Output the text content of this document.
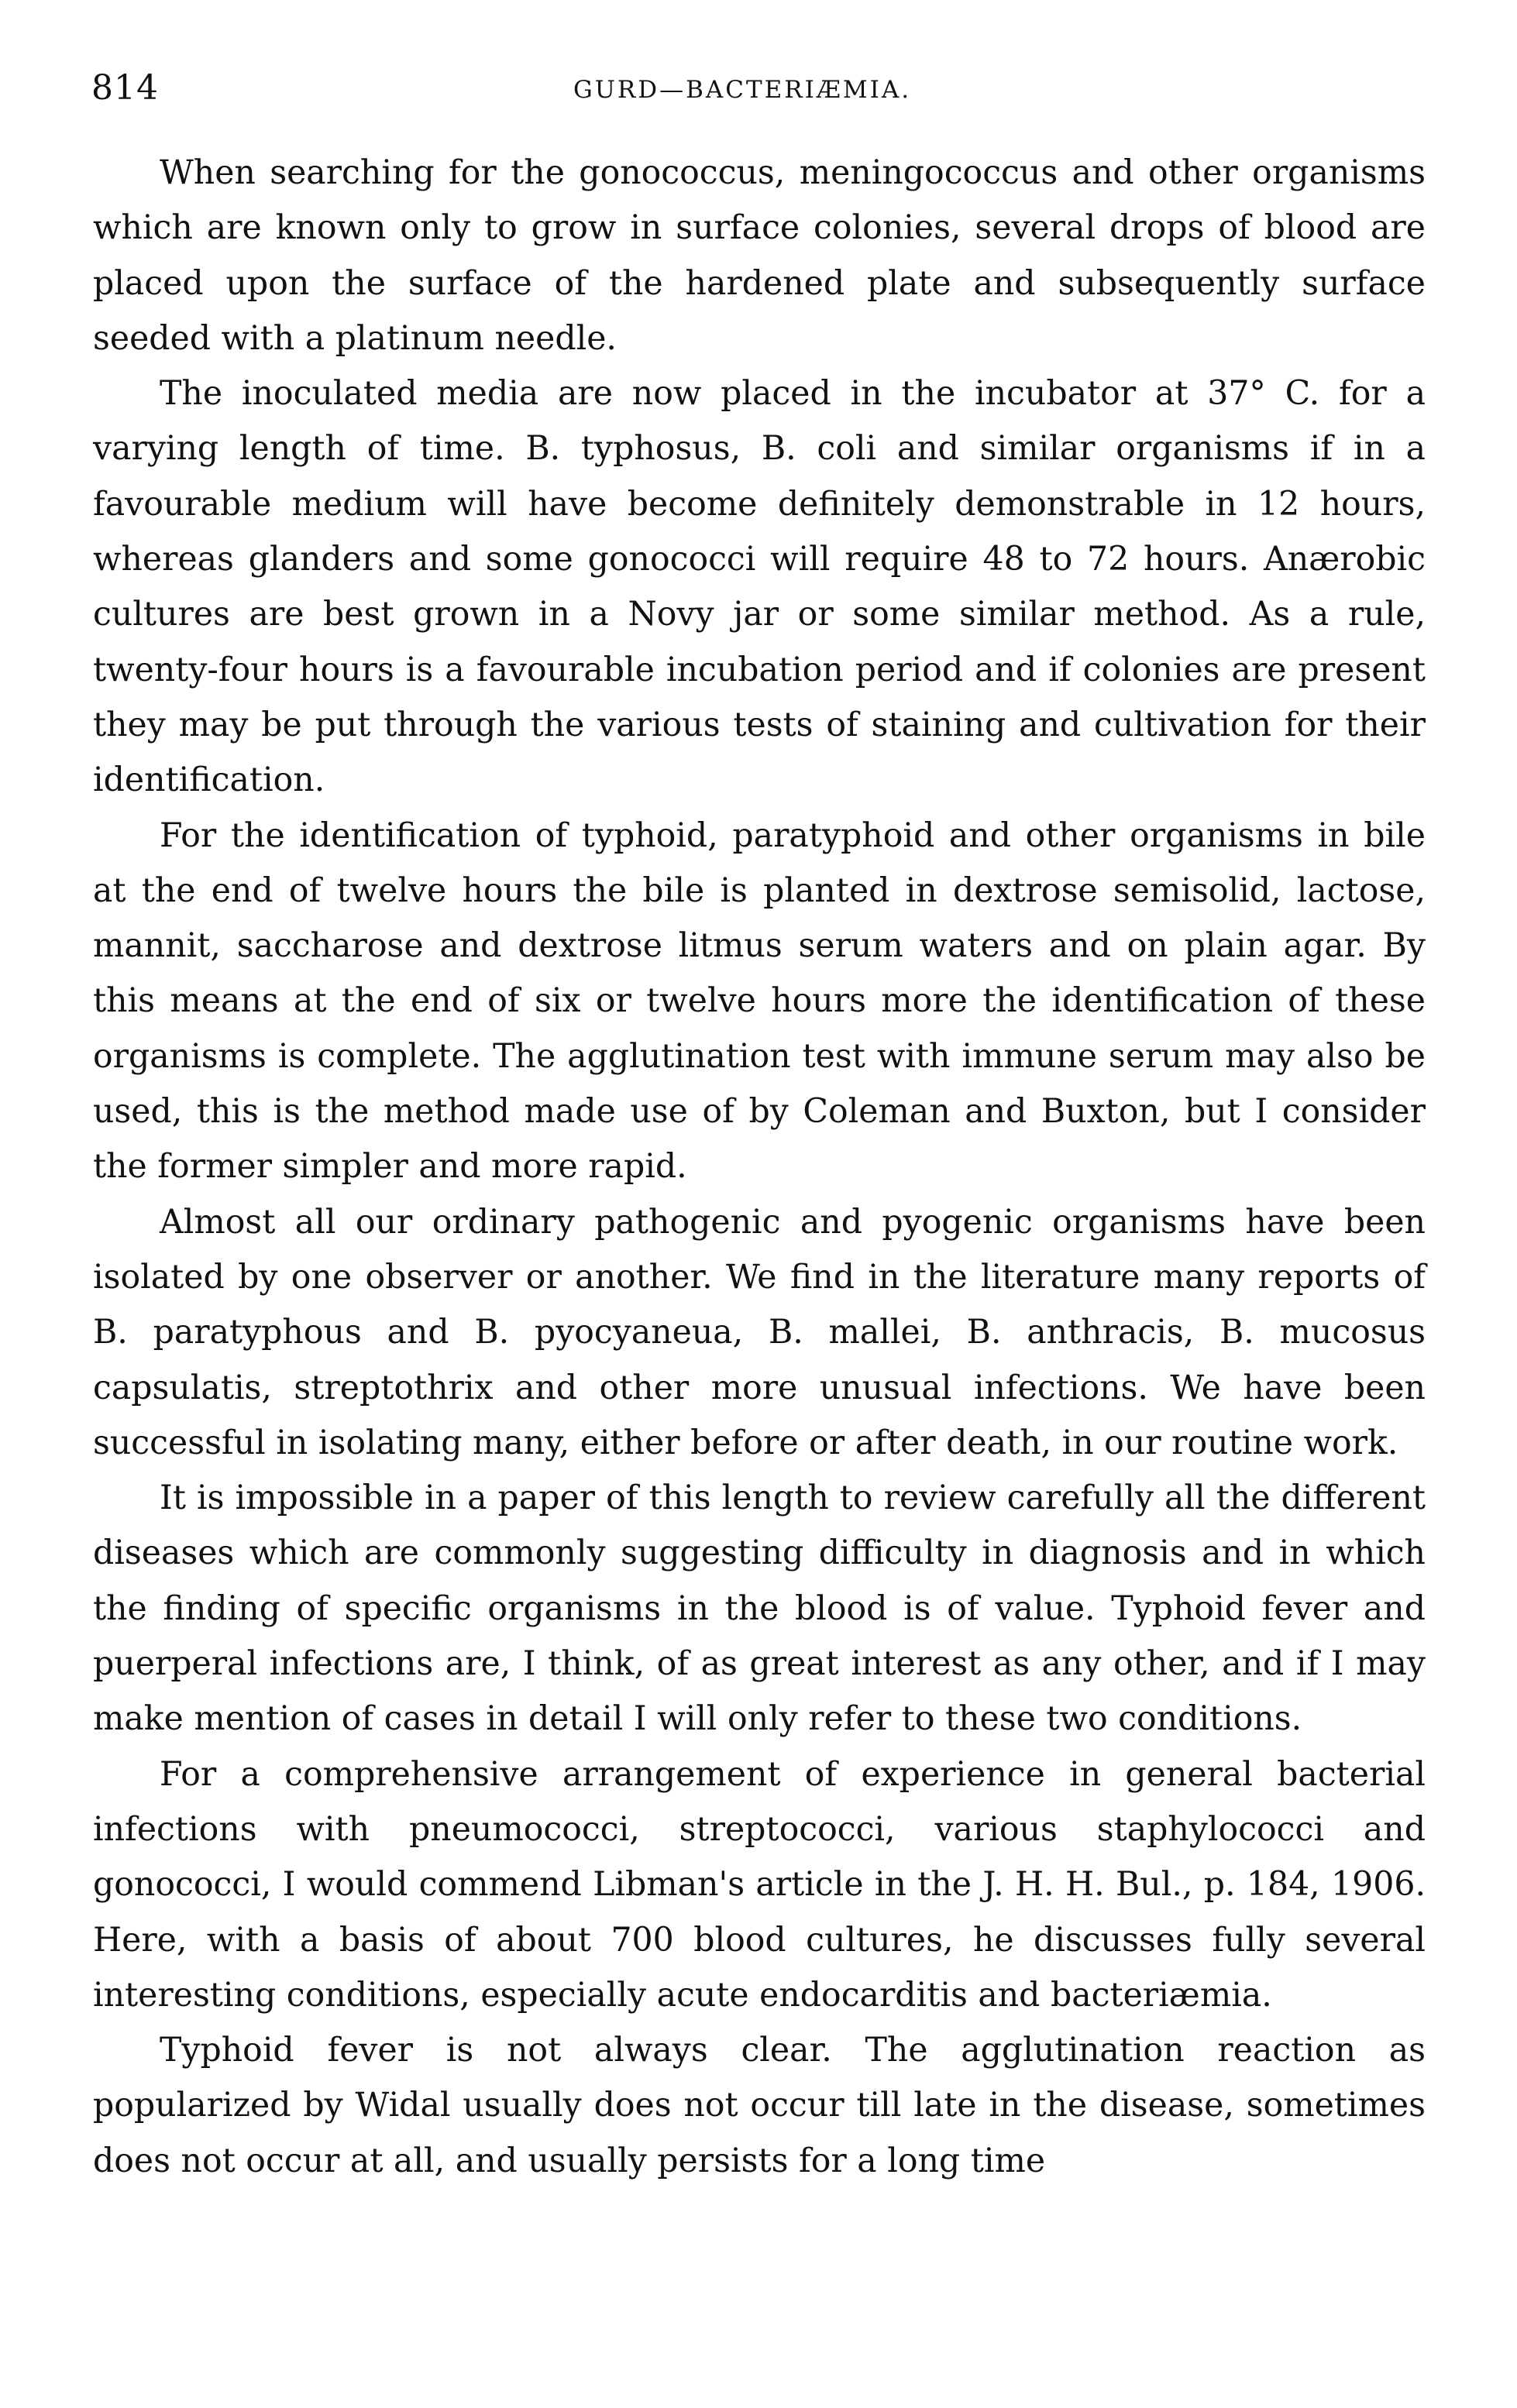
814	GURD—BACTERIÆMIA.

When searching for the gonococcus, meningococcus and other organisms which are known only to grow in surface colonies, several drops of blood are placed upon the surface of the hardened plate and subsequently surface seeded with a platinum needle.

The inoculated media are now placed in the incubator at 37° C. for a varying length of time. B. typhosus, B. coli and similar organisms if in a favourable medium will have become definitely demonstrable in 12 hours, whereas glanders and some gonococci will require 48 to 72 hours. Anærobic cultures are best grown in a Novy jar or some similar method. As a rule, twenty-four hours is a favourable incubation period and if colonies are present they may be put through the various tests of staining and cultivation for their identification.

For the identification of typhoid, paratyphoid and other organisms in bile at the end of twelve hours the bile is planted in dextrose semisolid, lactose, mannit, saccharose and dextrose litmus serum waters and on plain agar. By this means at the end of six or twelve hours more the identification of these organisms is complete. The agglutination test with immune serum may also be used, this is the method made use of by Coleman and Buxton, but I consider the former simpler and more rapid.

Almost all our ordinary pathogenic and pyogenic organisms have been isolated by one observer or another. We find in the literature many reports of B. paratyphous and B. pyocyaneua, B. mallei, B. anthracis, B. mucosus capsulatis, streptothrix and other more unusual infections. We have been successful in isolating many, either before or after death, in our routine work.

It is impossible in a paper of this length to review carefully all the different diseases which are commonly suggesting difficulty in diagnosis and in which the finding of specific organisms in the blood is of value. Typhoid fever and puerperal infections are, I think, of as great interest as any other, and if I may make mention of cases in detail I will only refer to these two conditions.

For a comprehensive arrangement of experience in general bacterial infections with pneumococci, streptococci, various staphylococci and gonococci, I would commend Libman's article in the J. H. H. Bul., p. 184, 1906. Here, with a basis of about 700 blood cultures, he discusses fully several interesting conditions, especially acute endocarditis and bacteriæmia.

Typhoid fever is not always clear. The agglutination reaction as popularized by Widal usually does not occur till late in the disease, sometimes does not occur at all, and usually persists for a long time
